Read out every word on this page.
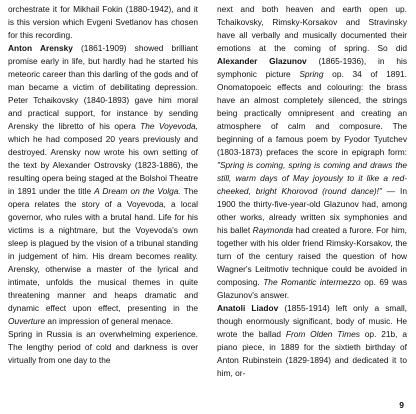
orchestrate it for Mikhail Fokin (1880-1942), and it is this version which Evgeni Svetlanov has chosen for this recording.

Anton Arensky (1861-1909) showed brilliant promise early in life, but hardly had he started his meteoric career than this darling of the gods and of man became a victim of debilitating depression. Peter Tchaikovsky (1840-1893) gave him moral and practical support, for instance by sending Arensky the libretto of his opera The Voyevoda, which he had composed 20 years previously and destroyed. Arensky now wrote his own setting of the text by Alexander Ostrovsky (1823-1886), the resulting opera being staged at the Bolshoi Theatre in 1891 under the title A Dream on the Volga. The opera relates the story of a Voyevoda, a local governor, who rules with a brutal hand. Life for his victims is a nightmare, but the Voyevoda's own sleep is plagued by the vision of a tribunal standing in judgement of him. His dream becomes reality. Arensky, otherwise a master of the lyrical and intimate, unfolds the musical themes in quite threatening manner and heaps dramatic and dynamic effect upon effect, presenting in the Ouverture an impression of general menace.

Spring in Russia is an overwhelming experience. The lengthy period of cold and darkness is over virtually from one day to the

next and both heaven and earth open up. Tchaikovsky, Rimsky-Korsakov and Stravinsky have all verbally and musically documented their emotions at the coming of spring. So did Alexander Glazunov (1865-1936), in his symphonic picture Spring op. 34 of 1891. Onomatopoeic effects and colouring: the brass have an almost completely silenced, the strings being practically omnipresent and creating an atmosphere of calm and composure. The beginning of a famous poem by Fyodor Tyutchev (1803-1873) prefaces the score in epigraph form: "Spring is coming, spring is coming and draws the still, warm days of May joyously to it like a red-cheeked, bright Khorovod (round dance)!" — In 1900 the thirty-five-year-old Glazunov had, among other works, already written six symphonies and his ballet Raymonda had created a furore. For him, together with his older friend Rimsky-Korsakov, the turn of the century raised the question of how Wagner's Leitmotiv technique could be avoided in composing. The Romantic intermezzo op. 69 was Glazunov's answer.

Anatoli Liadov (1855-1914) left only a small, though enormously significant, body of music. He wrote the ballad From Olden Times op. 21b, a piano piece, in 1889 for the sixtieth birthday of Anton Rubinstein (1829-1894) and dedicated it to him, or-

9
